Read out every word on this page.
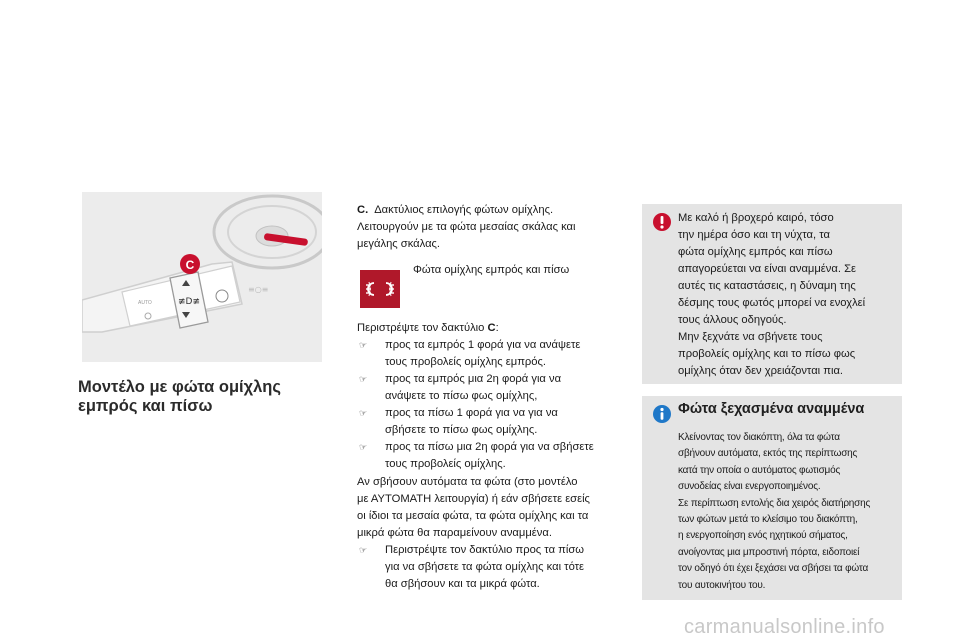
≢D≢
AUTO
≡○≡
C
Μοντέλο με φώτα ομίχλης
εμπρός και πίσω

C. Δακτύλιος επιλογής φώτων ομίχλης.

Λειτουργούν με τα φώτα μεσαίας σκάλας και

μεγάλης σκάλας.

Φώτα ομίχλης εμπρός και πίσω

Περιστρέψτε τον δακτύλιο C:

☞ προς τα εμπρός 1 φορά για να ανάψετε
τους προβολείς ομίχλης εμπρός.
☞ προς τα εμπρός μια 2η φορά για να
ανάψετε το πίσω φως ομίχλης,
☞ προς τα πίσω 1 φορά για να για να
σβήσετε το πίσω φως ομίχλης.
☞ προς τα πίσω μια 2η φορά για να σβήσετε
τους προβολείς ομίχλης.

Αν σβήσουν αυτόματα τα φώτα (στο μοντέλο

με ΑΥΤΟΜΑΤΗ λειτουργία) ή εάν σβήσετε εσείς

οι ίδιοι τα μεσαία φώτα, τα φώτα ομίχλης και τα

μικρά φώτα θα παραμείνουν αναμμένα.

☞ Περιστρέψτε τον δακτύλιο προς τα πίσω
για να σβήσετε τα φώτα ομίχλης και τότε
θα σβήσουν και τα μικρά φώτα.
Με καλό ή βροχερό καιρό, τόσο
την ημέρα όσο και τη νύχτα, τα
φώτα ομίχλης εμπρός και πίσω
απαγορεύεται να είναι αναμμένα. Σε
αυτές τις καταστάσεις, η δύναμη της
δέσμης τους φωτός μπορεί να ενοχλεί
τους άλλους οδηγούς.
Μην ξεχνάτε να σβήνετε τους
προβολείς ομίχλης και το πίσω φως
ομίχλης όταν δεν χρειάζονται πια.
Φώτα ξεχασμένα αναμμένα
Κλείνοντας τον διακόπτη, όλα τα φώτα
σβήνουν αυτόματα, εκτός της περίπτωσης
κατά την οποία ο αυτόματος φωτισμός
συνοδείας είναι ενεργοποιημένος.
Σε περίπτωση εντολής δια χειρός διατήρησης
των φώτων μετά το κλείσιμο του διακόπτη,
η ενεργοποίηση ενός ηχητικού σήματος,
ανοίγοντας μια μπροστινή πόρτα, ειδοποιεί
τον οδηγό ότι έχει ξεχάσει να σβήσει τα φώτα
του αυτοκινήτου του.
carmanualsonline.info
